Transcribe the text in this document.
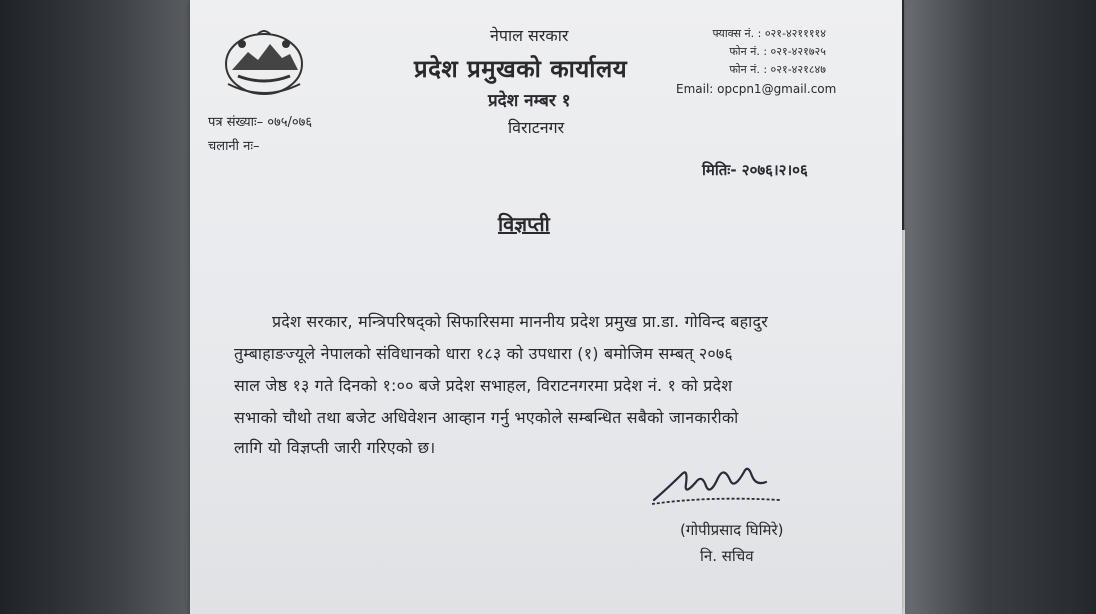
नेपाल सरकार
प्रदेश प्रमुखको कार्यालय
प्रदेश नम्बर १
विराटनगर
फ्याक्स नं. : ०२१-४२११११४
फोन नं. : ०२१-४२१७२५
फोन नं. : ०२१-४२१८४७
Email: opcpn1@gmail.com
पत्र संख्याः– ०७५/०७६
चलानी नः–
मितिः- २०७६।२।०६
विज्ञप्ती
प्रदेश सरकार, मन्त्रिपरिषद्को सिफारिसमा माननीय प्रदेश प्रमुख प्रा.डा. गोविन्द बहादुर
तुम्बाहाङज्यूले नेपालको संविधानको धारा १८३ को उपधारा (१) बमोजिम सम्बत् २०७६
साल जेष्ठ १३ गते दिनको १:०० बजे प्रदेश सभाहल, विराटनगरमा प्रदेश नं. १ को प्रदेश
सभाको चौथो तथा बजेट अधिवेशन आव्हान गर्नु भएकोले सम्बन्धित सबैको जानकारीको
लागि यो विज्ञप्ती जारी गरिएको छ।
(गोपीप्रसाद घिमिरे)
नि. सचिव
